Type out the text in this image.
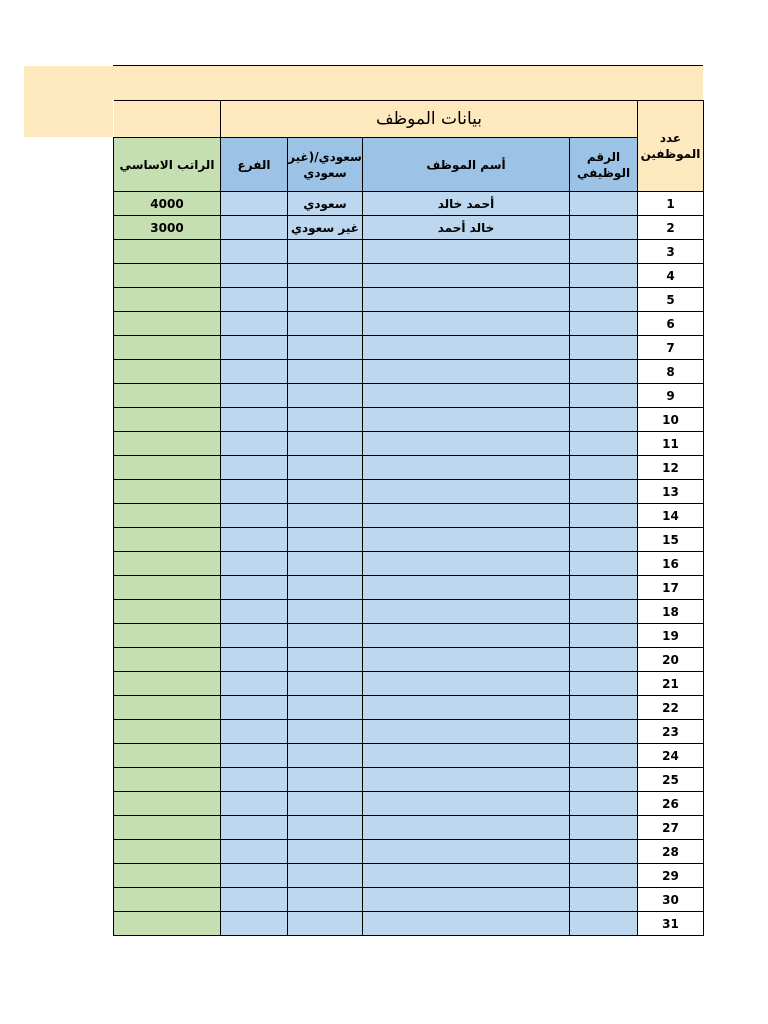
	بيانات الموظف				عدد الموظفين
الراتب الاساسي	الفرع	سعودي/(غير سعودي	أسم الموظف	الرقم الوظيفي	
4000		سعودي	أحمد خالد		1
3000		غير سعودي	خالد أحمد		2
					3
					4
					5
					6
					7
					8
					9
					10
					11
					12
					13
					14
					15
					16
					17
					18
					19
					20
					21
					22
					23
					24
					25
					26
					27
					28
					29
					30
					31
